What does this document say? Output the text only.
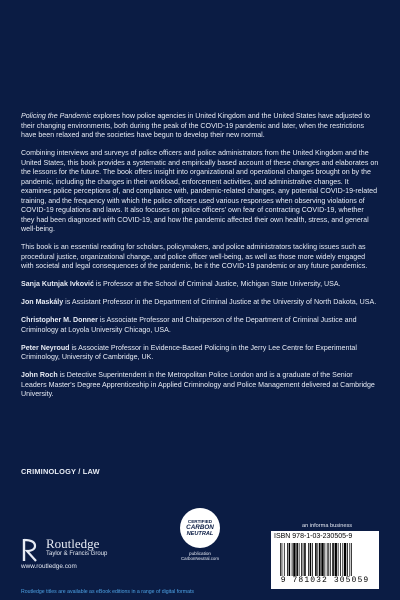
Policing the Pandemic explores how police agencies in United Kingdom and the United States have adjusted to their changing environments, both during the peak of the COVID-19 pandemic and later, when the restrictions have been relaxed and the societies have begun to develop their new normal.

Combining interviews and surveys of police officers and police administrators from the United Kingdom and the United States, this book provides a systematic and empirically based account of these changes and elaborates on the lessons for the future. The book offers insight into organizational and operational changes brought on by the pandemic, including the changes in their workload, enforcement activities, and administrative changes. It examines police perceptions of, and compliance with, pandemic-related changes, any potential COVID-19-related training, and the frequency with which the police officers used various responses when observing violations of COVID-19 regulations and laws. It also focuses on police officers' own fear of contracting COVID-19, whether they had been diagnosed with COVID-19, and how the pandemic affected their own health, stress, and general well-being.

This book is an essential reading for scholars, policymakers, and police administrators tackling issues such as procedural justice, organizational change, and police officer well-being, as well as those more widely engaged with societal and legal consequences of the pandemic, be it the COVID-19 pandemic or any future pandemics.

Sanja Kutnjak Ivković is Professor at the School of Criminal Justice, Michigan State University, USA.

Jon Maskály is Assistant Professor in the Department of Criminal Justice at the University of North Dakota, USA.

Christopher M. Donner is Associate Professor and Chairperson of the Department of Criminal Justice and Criminology at Loyola University Chicago, USA.

Peter Neyroud is Associate Professor in Evidence-Based Policing in the Jerry Lee Centre for Experimental Criminology, University of Cambridge, UK.

John Roch is Detective Superintendent in the Metropolitan Police London and is a graduate of the Senior Leaders Master's Degree Apprenticeship in Applied Criminology and Police Management delivered at Cambridge University.

CRIMINOLOGY / LAW
Routledge
Taylor & Francis Group
www.routledge.com
CERTIFIED
CARBON
NEUTRAL
publication
CarbonNeutral.com
an informa business
ISBN 978-1-03-230505-9
9 781032 305059
Routledge titles are available as eBook editions in a range of digital formats
